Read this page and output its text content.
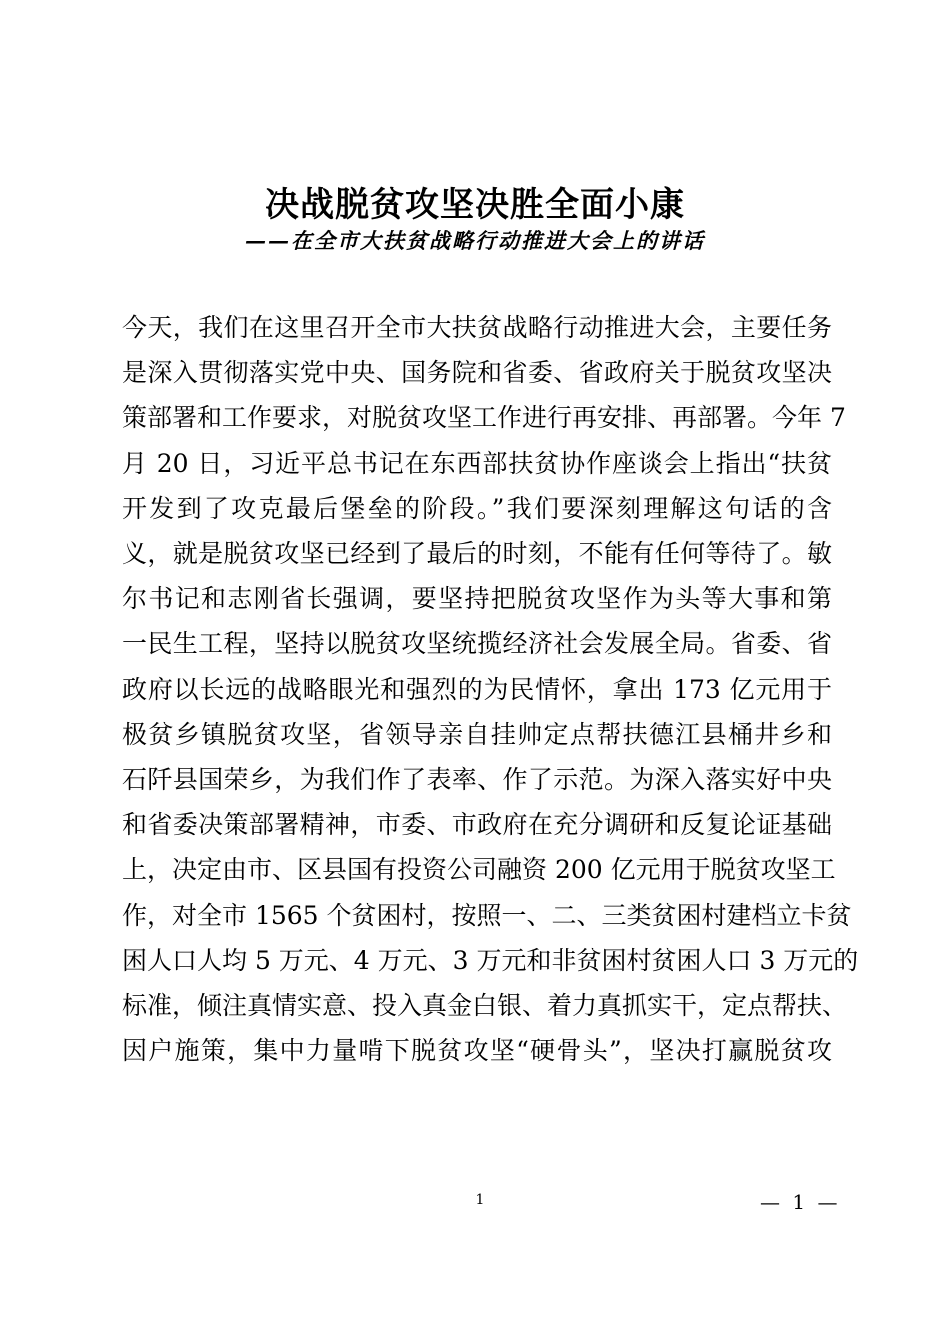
决战脱贫攻坚决胜全面小康
——在全市大扶贫战略行动推进大会上的讲话
今天，我们在这里召开全市大扶贫战略行动推进大会，主要任务
是深入贯彻落实党中央、国务院和省委、省政府关于脱贫攻坚决
策部署和工作要求，对脱贫攻坚工作进行再安排、再部署。今年 7
月 20 日，习近平总书记在东西部扶贫协作座谈会上指出“扶贫
开发到了攻克最后堡垒的阶段。”我们要深刻理解这句话的含
义，就是脱贫攻坚已经到了最后的时刻，不能有任何等待了。敏
尔书记和志刚省长强调，要坚持把脱贫攻坚作为头等大事和第
一民生工程，坚持以脱贫攻坚统揽经济社会发展全局。省委、省
政府以长远的战略眼光和强烈的为民情怀，拿出 173 亿元用于
极贫乡镇脱贫攻坚，省领导亲自挂帅定点帮扶德江县桶井乡和
石阡县国荣乡，为我们作了表率、作了示范。为深入落实好中央
和省委决策部署精神，市委、市政府在充分调研和反复论证基础
上，决定由市、区县国有投资公司融资 200 亿元用于脱贫攻坚工
作，对全市 1565 个贫困村，按照一、二、三类贫困村建档立卡贫
困人口人均 5 万元、4 万元、3 万元和非贫困村贫困人口 3 万元的
标准，倾注真情实意、投入真金白银、着力真抓实干，定点帮扶、
因户施策，集中力量啃下脱贫攻坚“硬骨头”，坚决打赢脱贫攻
1	— 1 —
